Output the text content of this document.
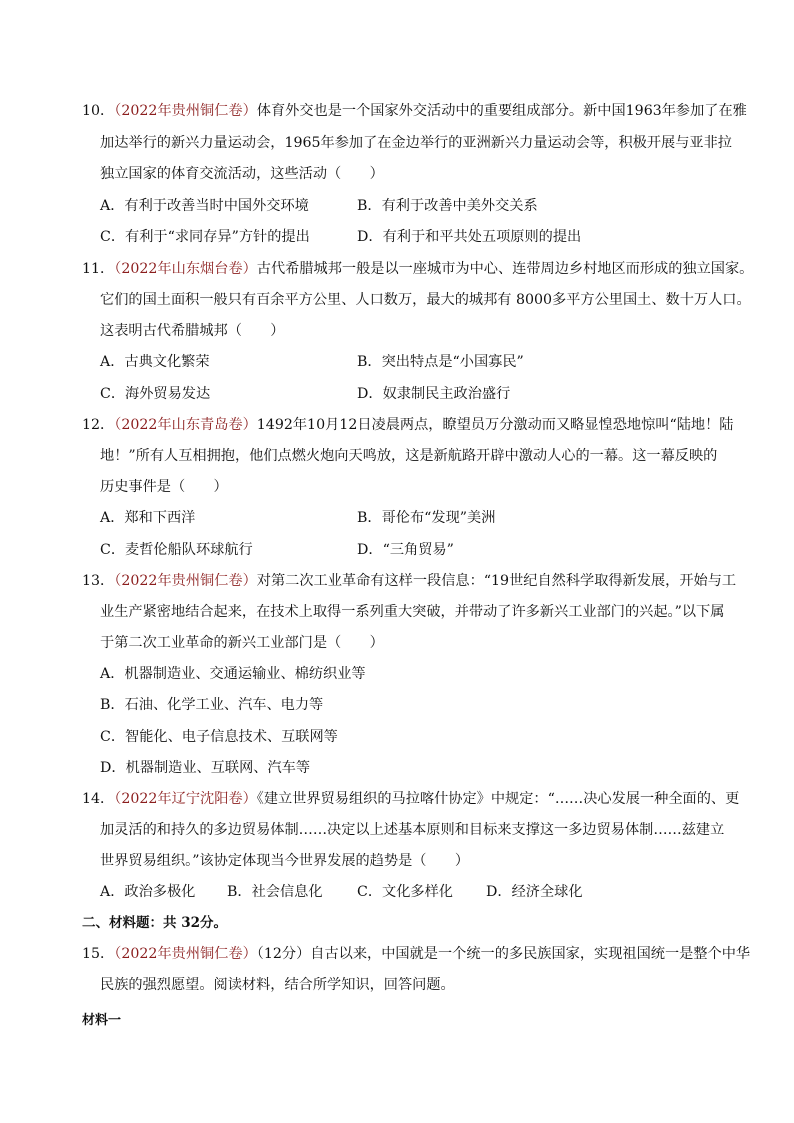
10．（2022年贵州铜仁卷）体育外交也是一个国家外交活动中的重要组成部分。新中国1963年参加了在雅
加达举行的新兴力量运动会，1965年参加了在金边举行的亚洲新兴力量运动会等，积极开展与亚非拉
独立国家的体育交流活动，这些活动（　　）
A．有利于改善当时中国外交环境	B．有利于改善中美外交关系
C．有利于“求同存异”方针的提出	D．有利于和平共处五项原则的提出
11．（2022年山东烟台卷）古代希腊城邦一般是以一座城市为中心、连带周边乡村地区而形成的独立国家。
它们的国土面积一般只有百余平方公里、人口数万，最大的城邦有 8000多平方公里国土、数十万人口。
这表明古代希腊城邦（　　）
A．古典文化繁荣	B．突出特点是“小国寡民”
C．海外贸易发达	D．奴隶制民主政治盛行
12．（2022年山东青岛卷）1492年10月12日凌晨两点，瞭望员万分激动而又略显惶恐地惊叫“陆地！陆
地！”所有人互相拥抱，他们点燃火炮向天鸣放，这是新航路开辟中激动人心的一幕。这一幕反映的
历史事件是（　　）
A．郑和下西洋	B．哥伦布“发现”美洲
C．麦哲伦船队环球航行	D．“三角贸易”
13．（2022年贵州铜仁卷）对第二次工业革命有这样一段信息：“19世纪自然科学取得新发展，开始与工
业生产紧密地结合起来，在技术上取得一系列重大突破，并带动了许多新兴工业部门的兴起。”以下属
于第二次工业革命的新兴工业部门是（　　）
A．机器制造业、交通运输业、棉纺织业等
B．石油、化学工业、汽车、电力等
C．智能化、电子信息技术、互联网等
D．机器制造业、互联网、汽车等
14．（2022年辽宁沈阳卷）《建立世界贸易组织的马拉喀什协定》中规定：“……决心发展一种全面的、更
加灵活的和持久的多边贸易体制……决定以上述基本原则和目标来支撑这一多边贸易体制……兹建立
世界贸易组织。”该协定体现当今世界发展的趋势是（　　）
A．政治多极化 B．社会信息化 C．文化多样化 D．经济全球化
二、材料题：共 32分。
15．（2022年贵州铜仁卷）（12分）自古以来，中国就是一个统一的多民族国家，实现祖国统一是整个中华
民族的强烈愿望。阅读材料，结合所学知识，回答问题。
材料一
